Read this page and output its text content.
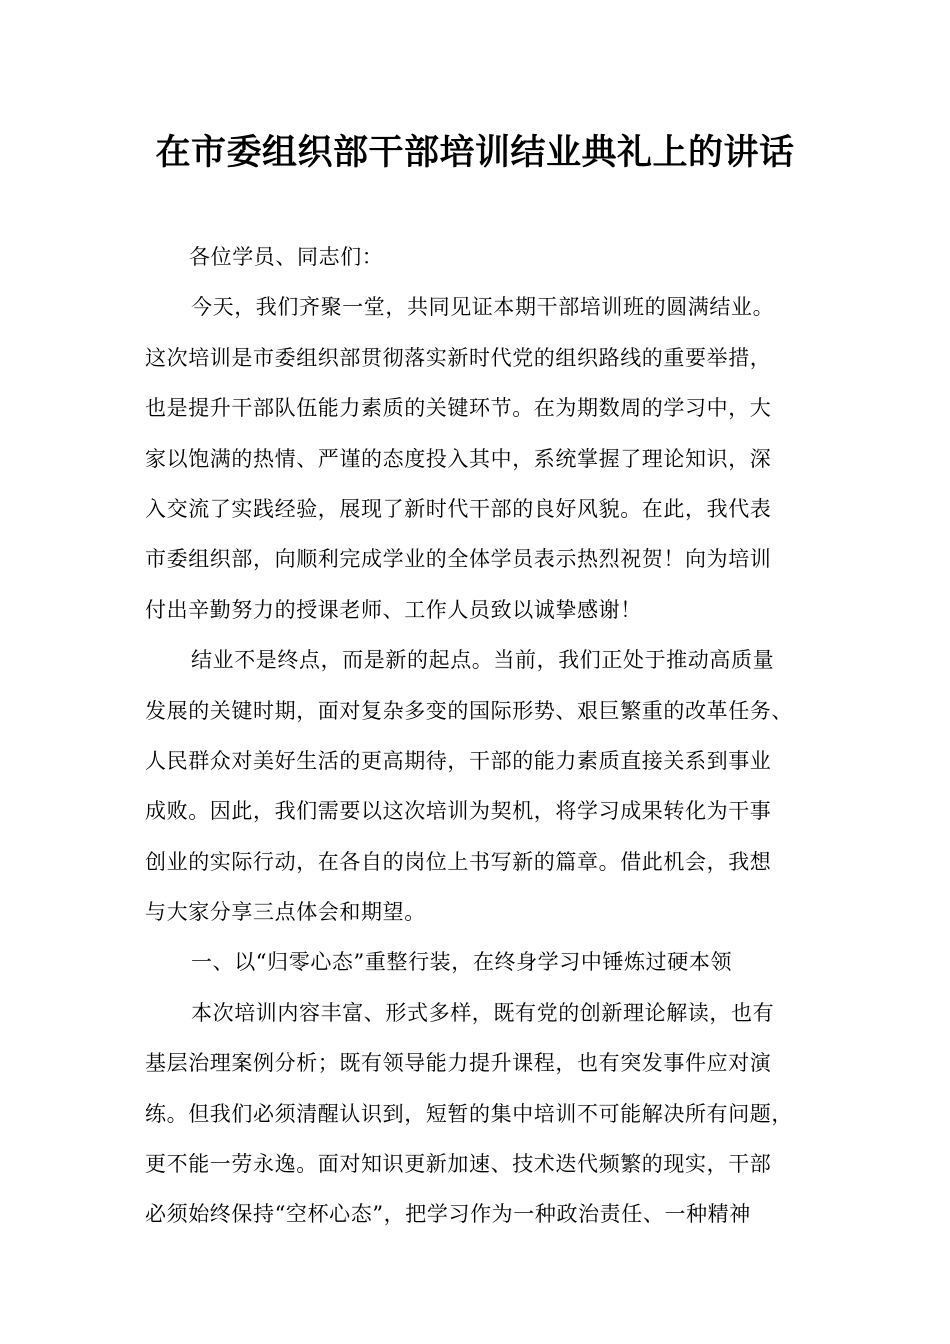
在市委组织部干部培训结业典礼上的讲话
各位学员、同志们：
今天，我们齐聚一堂，共同见证本期干部培训班的圆满结业。
这次培训是市委组织部贯彻落实新时代党的组织路线的重要举措，
也是提升干部队伍能力素质的关键环节。在为期数周的学习中，大
家以饱满的热情、严谨的态度投入其中，系统掌握了理论知识，深
入交流了实践经验，展现了新时代干部的良好风貌。在此，我代表
市委组织部，向顺利完成学业的全体学员表示热烈祝贺！向为培训
付出辛勤努力的授课老师、工作人员致以诚挚感谢！
结业不是终点，而是新的起点。当前，我们正处于推动高质量
发展的关键时期，面对复杂多变的国际形势、艰巨繁重的改革任务、
人民群众对美好生活的更高期待，干部的能力素质直接关系到事业
成败。因此，我们需要以这次培训为契机，将学习成果转化为干事
创业的实际行动，在各自的岗位上书写新的篇章。借此机会，我想
与大家分享三点体会和期望。
一、以“归零心态”重整行装，在终身学习中锤炼过硬本领
本次培训内容丰富、形式多样，既有党的创新理论解读，也有
基层治理案例分析；既有领导能力提升课程，也有突发事件应对演
练。但我们必须清醒认识到，短暂的集中培训不可能解决所有问题，
更不能一劳永逸。面对知识更新加速、技术迭代频繁的现实，干部
必须始终保持“空杯心态”，把学习作为一种政治责任、一种精神
